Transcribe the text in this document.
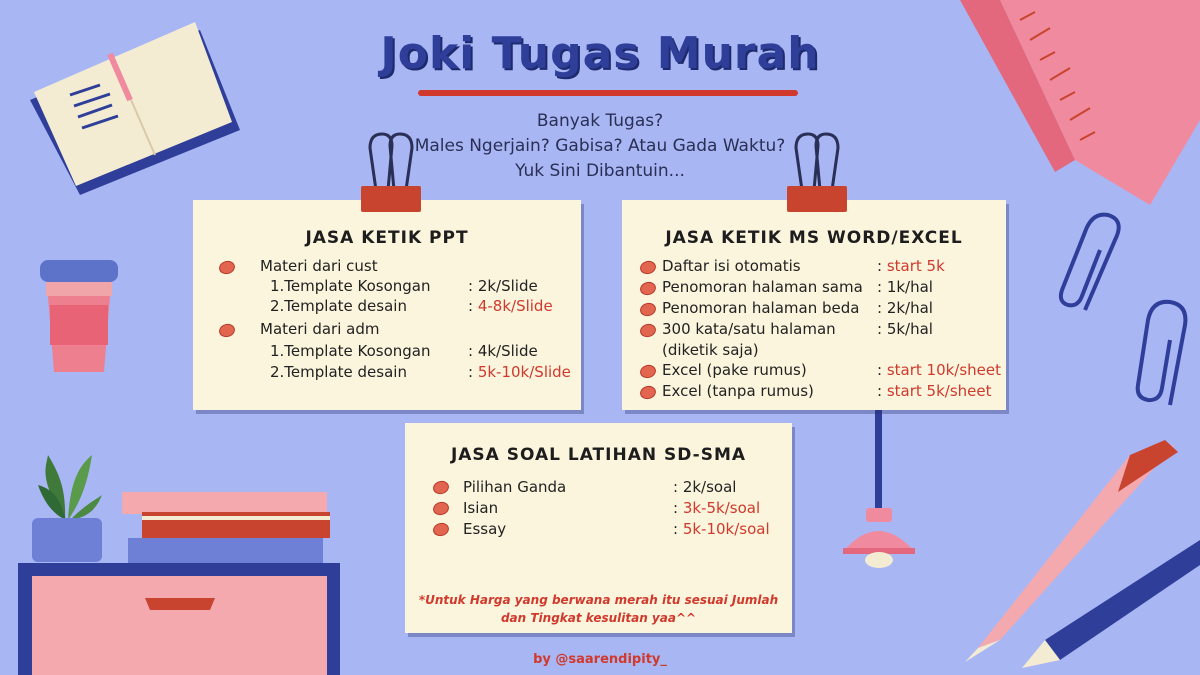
Joki Tugas Murah
Banyak Tugas?
Males Ngerjain? Gabisa? Atau Gada Waktu?
Yuk Sini Dibantuin...
JASA KETIK PPT
Materi dari cust
1.Template Kosongan : 2k/Slide
2.Template desain	: 4-8k/Slide
Materi dari adm
1.Template Kosongan : 4k/Slide
2.Template desain	: 5k-10k/Slide
JASA KETIK MS WORD/EXCEL
Daftar isi otomatis	: start 5k
Penomoran halaman sama : 1k/hal
Penomoran halaman beda : 2k/hal
300 kata/satu halaman	: 5k/hal
(diketik saja)
Excel (pake rumus)	: start 10k/sheet
Excel (tanpa rumus)	: start 5k/sheet
JASA SOAL LATIHAN SD-SMA
Pilihan Ganda	: 2k/soal
Isian	: 3k-5k/soal
Essay	: 5k-10k/soal
*Untuk Harga yang berwana merah itu sesuai Jumlah
dan Tingkat kesulitan yaa^^
by @saarendipity_
